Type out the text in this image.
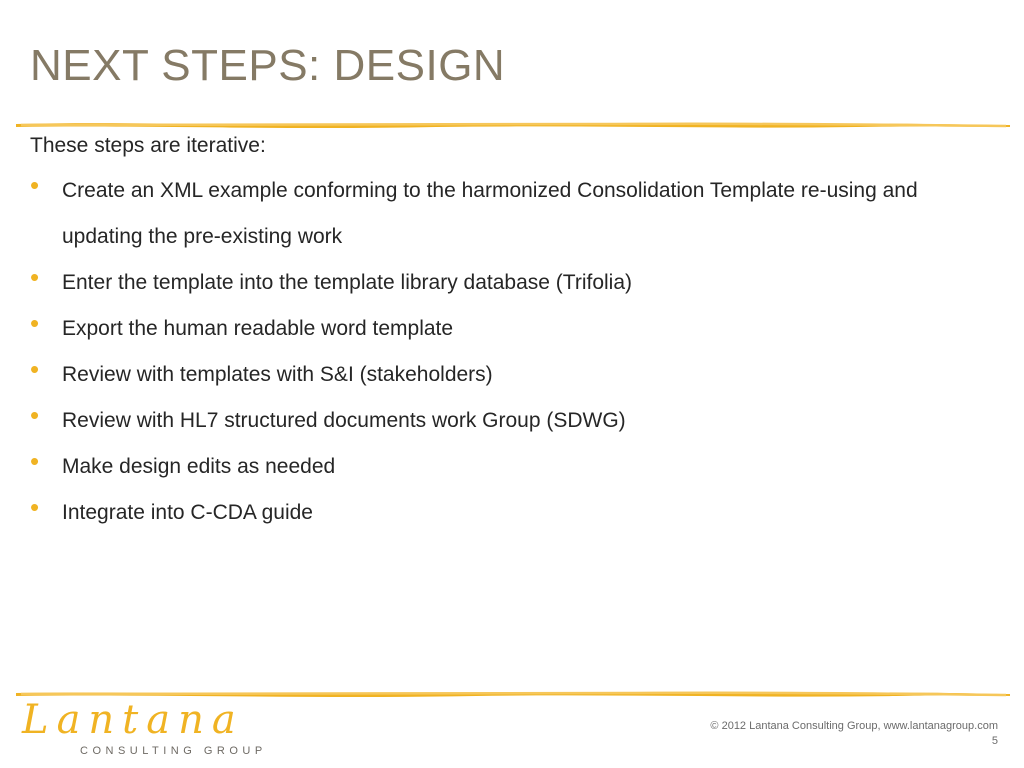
NEXT STEPS: DESIGN
These steps are iterative:
• Create an XML example conforming to the harmonized Consolidation Template re-using and updating the pre-existing work
• Enter the template into the template library database (Trifolia)
• Export the human readable word template
• Review with templates with S&I (stakeholders)
• Review with HL7 structured documents work Group (SDWG)
• Make design edits as needed
• Integrate into C-CDA guide
Lantana
CONSULTING GROUP
© 2012 Lantana Consulting Group, www.lantanagroup.com
5
